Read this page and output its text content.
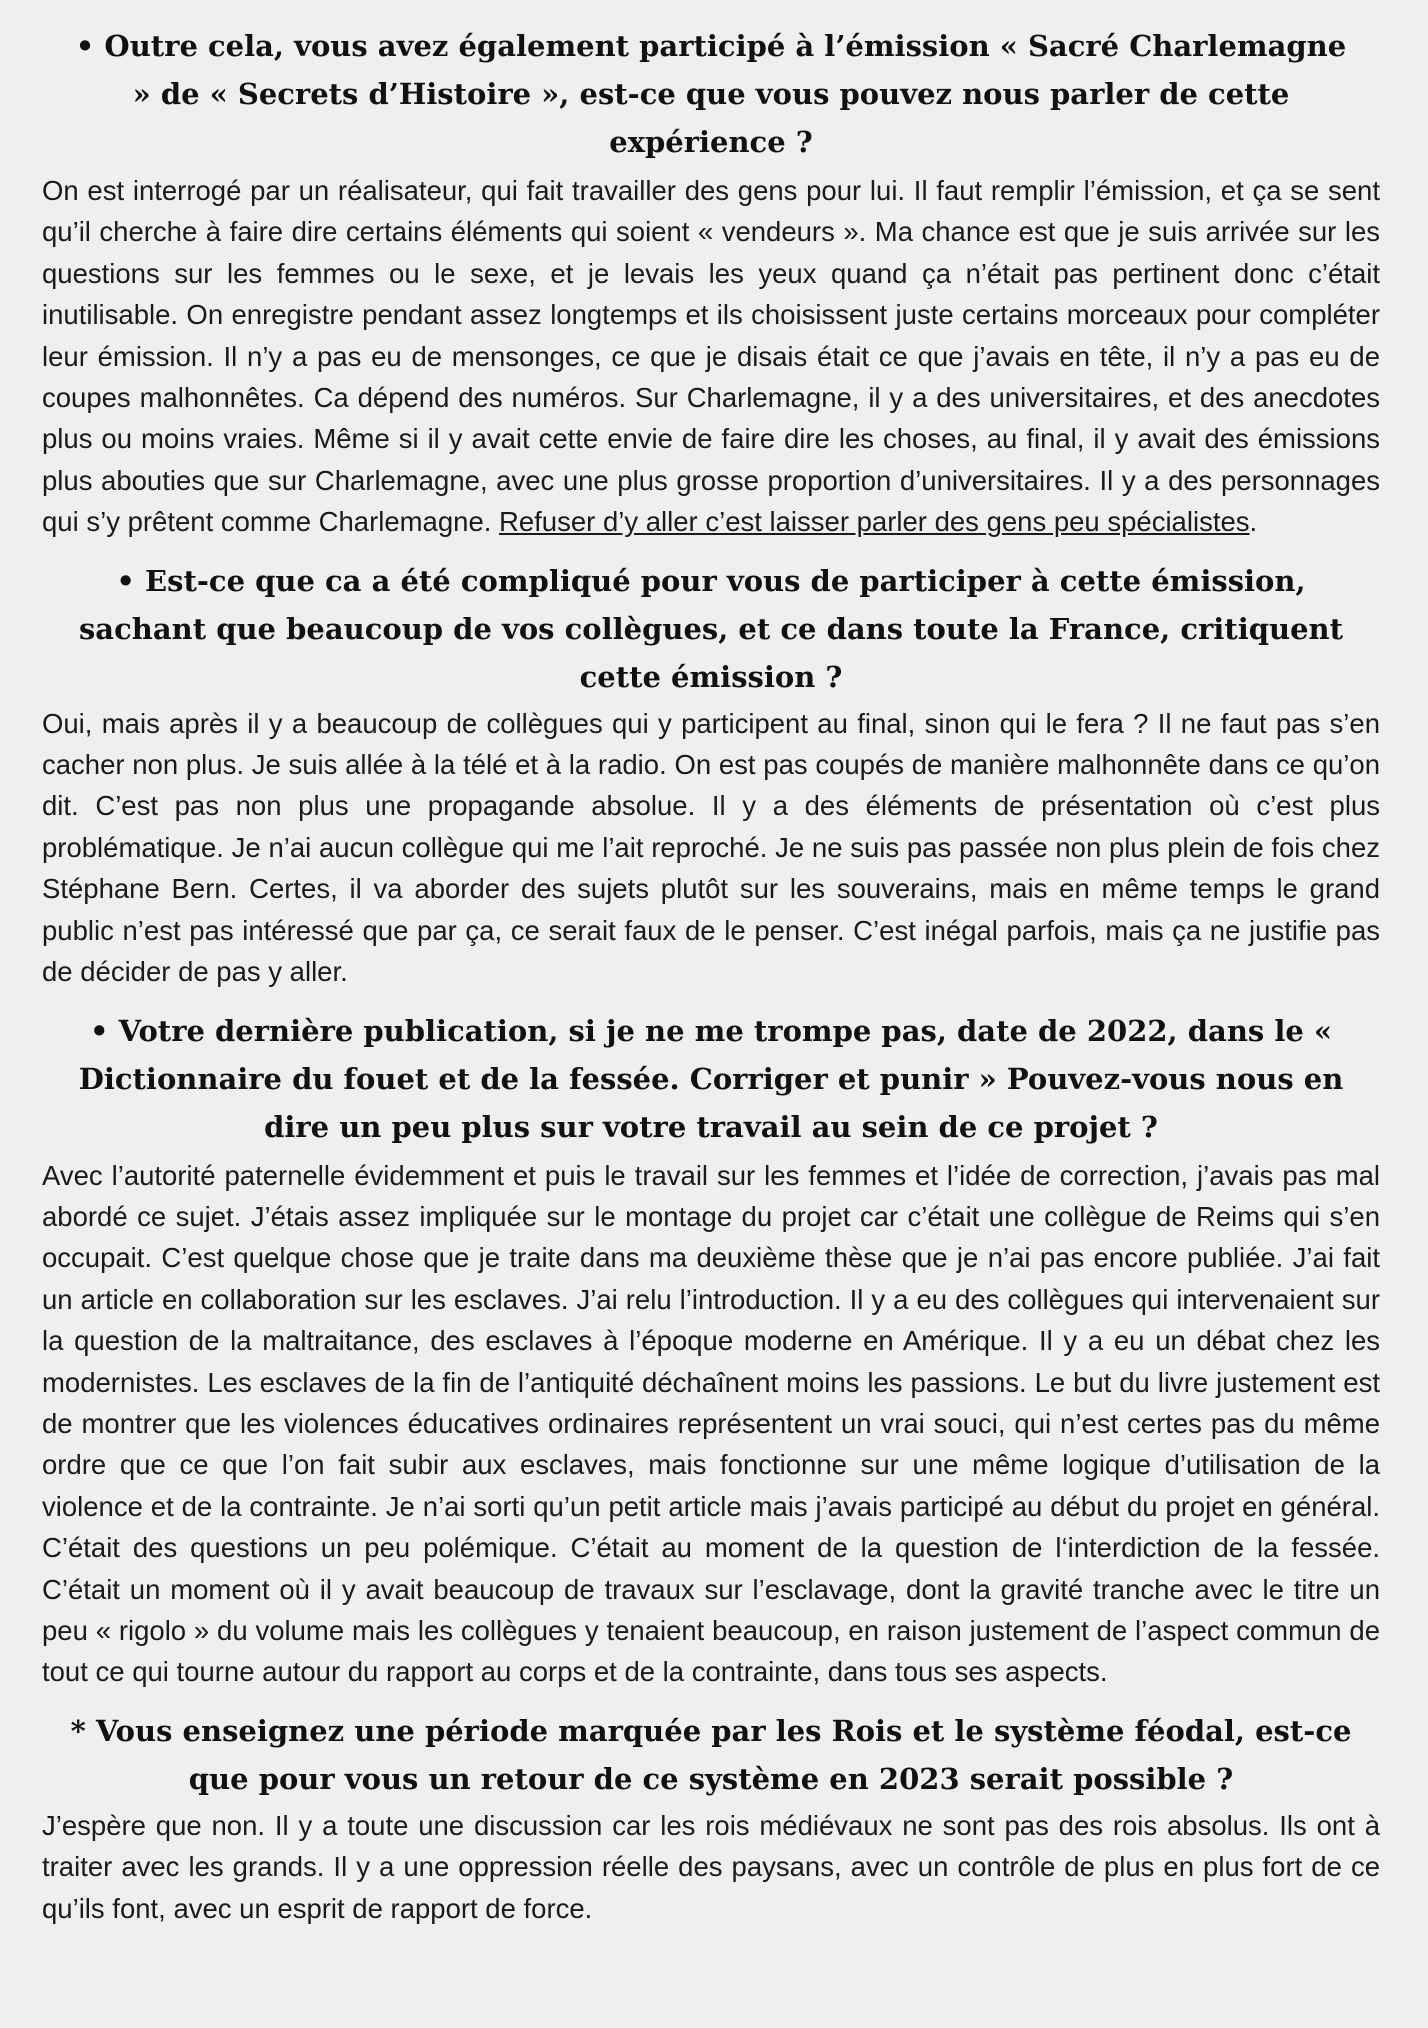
• Outre cela, vous avez également participé à l’émission « Sacré Charlemagne » de « Secrets d’Histoire », est-ce que vous pouvez nous parler de cette expérience ?

On est interrogé par un réalisateur, qui fait travailler des gens pour lui. Il faut remplir l’émission, et ça se sent qu’il cherche à faire dire certains éléments qui soient « vendeurs ». Ma chance est que je suis arrivée sur les questions sur les femmes ou le sexe, et je levais les yeux quand ça n’était pas pertinent donc c’était inutilisable. On enregistre pendant assez longtemps et ils choisissent juste certains morceaux pour compléter leur émission. Il n’y a pas eu de mensonges, ce que je disais était ce que j’avais en tête, il n’y a pas eu de coupes malhonnêtes. Ca dépend des numéros. Sur Charlemagne, il y a des universitaires, et des anecdotes plus ou moins vraies. Même si il y avait cette envie de faire dire les choses, au final, il y avait des émissions plus abouties que sur Charlemagne, avec une plus grosse proportion d’universitaires. Il y a des personnages qui s’y prêtent comme Charlemagne. Refuser d’y aller c’est laisser parler des gens peu spécialistes.

• Est-ce que ca a été compliqué pour vous de participer à cette émission, sachant que beaucoup de vos collègues, et ce dans toute la France, critiquent cette émission ?

Oui, mais après il y a beaucoup de collègues qui y participent au final, sinon qui le fera ? Il ne faut pas s’en cacher non plus. Je suis allée à la télé et à la radio. On est pas coupés de manière malhonnête dans ce qu’on dit. C’est pas non plus une propagande absolue. Il y a des éléments de présentation où c’est plus problématique. Je n’ai aucun collègue qui me l’ait reproché. Je ne suis pas passée non plus plein de fois chez Stéphane Bern. Certes, il va aborder des sujets plutôt sur les souverains, mais en même temps le grand public n’est pas intéressé que par ça, ce serait faux de le penser. C’est inégal parfois, mais ça ne justifie pas de décider de pas y aller.

• Votre dernière publication, si je ne me trompe pas, date de 2022, dans le « Dictionnaire du fouet et de la fessée. Corriger et punir » Pouvez-vous nous en dire un peu plus sur votre travail au sein de ce projet ?

Avec l’autorité paternelle évidemment et puis le travail sur les femmes et l’idée de correction, j’avais pas mal abordé ce sujet. J’étais assez impliquée sur le montage du projet car c’était une collègue de Reims qui s’en occupait. C’est quelque chose que je traite dans ma deuxième thèse que je n’ai pas encore publiée. J’ai fait un article en collaboration sur les esclaves. J’ai relu l’introduction. Il y a eu des collègues qui intervenaient sur la question de la maltraitance, des esclaves à l’époque moderne en Amérique. Il y a eu un débat chez les modernistes. Les esclaves de la fin de l’antiquité déchaînent moins les passions. Le but du livre justement est de montrer que les violences éducatives ordinaires représentent un vrai souci, qui n’est certes pas du même ordre que ce que l’on fait subir aux esclaves, mais fonctionne sur une même logique d’utilisation de la violence et de la contrainte. Je n’ai sorti qu’un petit article mais j’avais participé au début du projet en général. C’était des questions un peu polémique. C’était au moment de la question de l‘interdiction de la fessée. C’était un moment où il y avait beaucoup de travaux sur l’esclavage, dont la gravité tranche avec le titre un peu « rigolo » du volume mais les collègues y tenaient beaucoup, en raison justement de l’aspect commun de tout ce qui tourne autour du rapport au corps et de la contrainte, dans tous ses aspects.

* Vous enseignez une période marquée par les Rois et le système féodal, est-ce que pour vous un retour de ce système en 2023 serait possible ?

J’espère que non. Il y a toute une discussion car les rois médiévaux ne sont pas des rois absolus. Ils ont à traiter avec les grands. Il y a une oppression réelle des paysans, avec un contrôle de plus en plus fort de ce qu’ils font, avec un esprit de rapport de force.
